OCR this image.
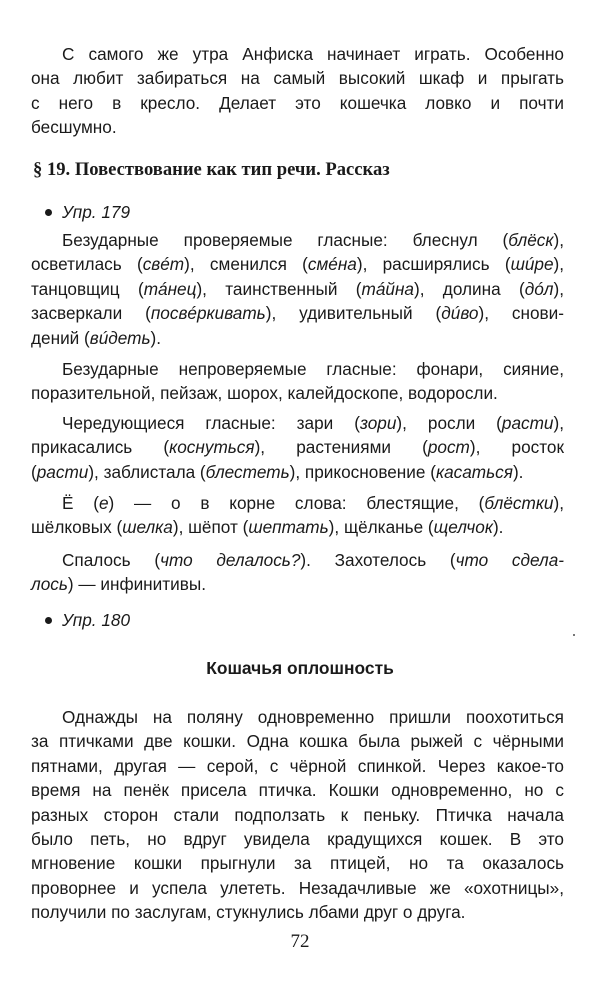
С самого же утра Анфиска начинает играть. Особенно
она любит забираться на самый высокий шкаф и прыгать
с него в кресло. Делает это кошечка ловко и почти
бесшумно.
§ 19. Повествование как тип речи. Рассказ
Упр. 179
Безударные проверяемые гласные: блеснул (блёск),
осветилась (свéт), сменился (смéна), расширялись (шúре),
танцовщиц (тáнец), таинственный (тáйна), долина (дóл),
засверкали (посвéркивать), удивительный (дúво), снови-
дений (вúдеть).
Безударные непроверяемые гласные: фонари, сияние,
поразительной, пейзаж, шорох, калейдоскопе, водоросли.
Чередующиеся гласные: зари (зори), росли (расти),
прикасались (коснуться), растениями (рост), росток
(расти), заблистала (блестеть), прикосновение (касаться).
Ё (е) — о в корне слова: блестящие, (блёстки),
шёлковых (шелка), шёпот (шептать), щёлканье (щелчок).
Спалось (что делалось?). Захотелось (что сдела-
лось) — инфинитивы.
Упр. 180
Кошачья оплошность
Однажды на поляну одновременно пришли поохотиться
за птичками две кошки. Одна кошка была рыжей с чёрными
пятнами, другая — серой, с чёрной спинкой. Через какое-то
время на пенёк присела птичка. Кошки одновременно, но с
разных сторон стали подползать к пеньку. Птичка начала
было петь, но вдруг увидела крадущихся кошек. В это
мгновение кошки прыгнули за птицей, но та оказалось
проворнее и успела улететь. Незадачливые же «охотницы»,
получили по заслугам, стукнулись лбами друг о друга.
72
